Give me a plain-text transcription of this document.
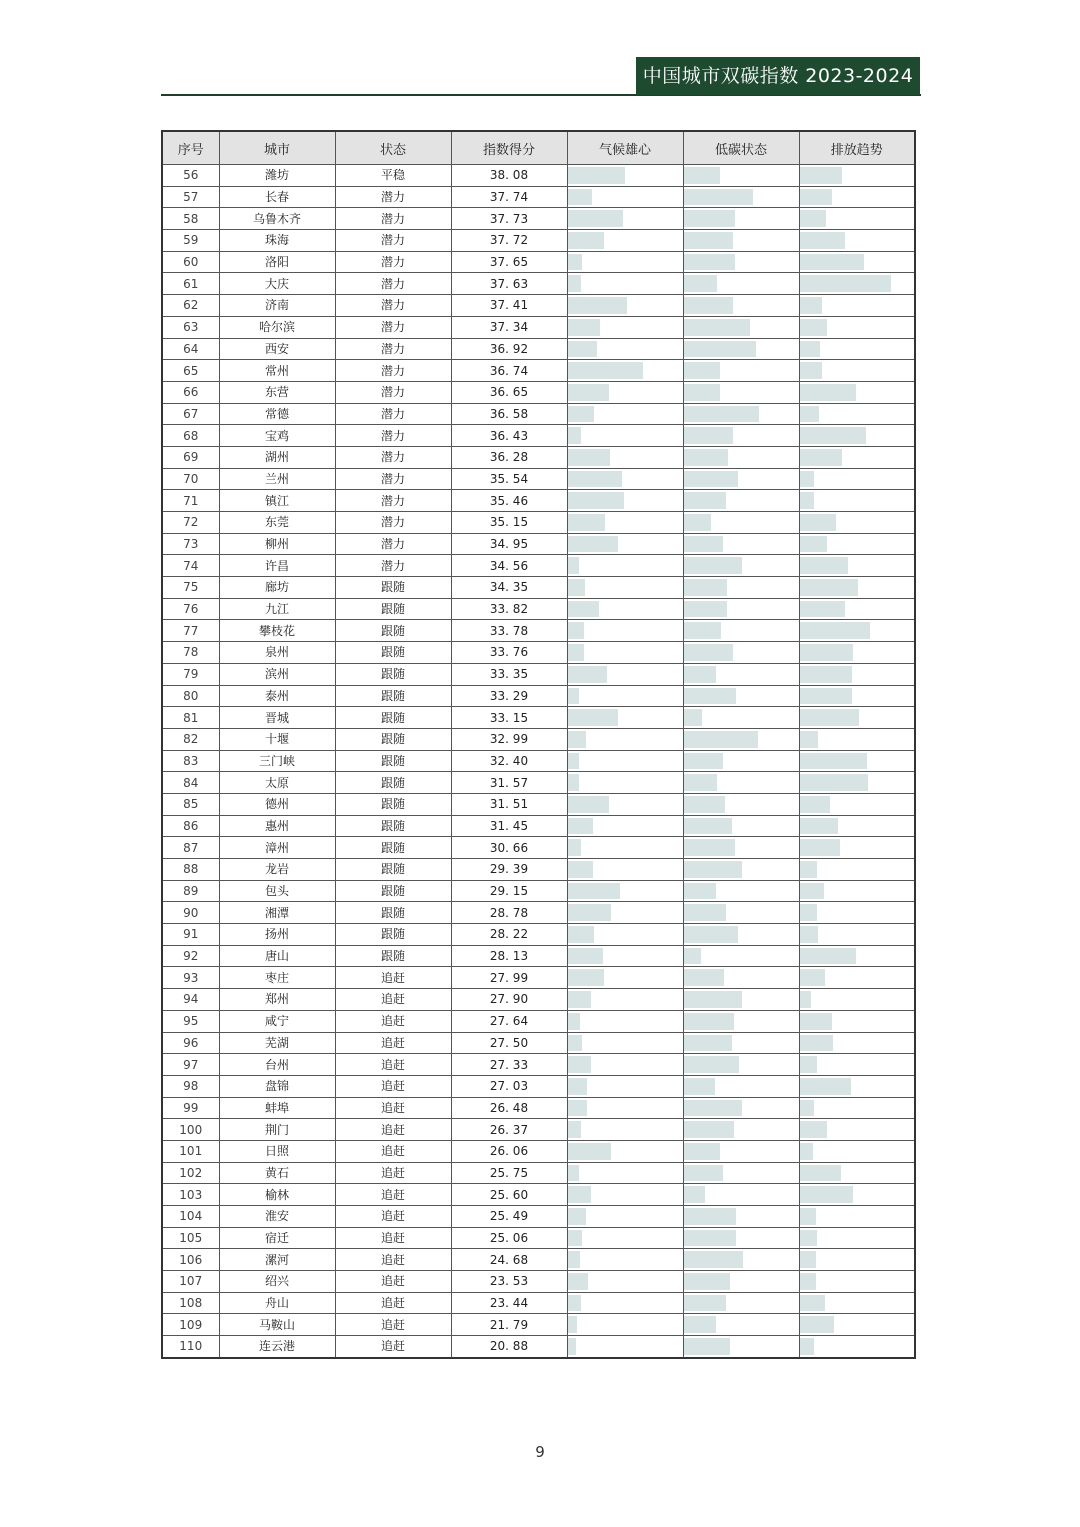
中国城市双碳指数 2023-2024
序号	城市	状态	指数得分	气候雄心	低碳状态	排放趋势
56	潍坊	平稳	38. 08	

57	长春	潜力	37. 74	

58	乌鲁木齐	潜力	37. 73	

59	珠海	潜力	37. 72	

60	洛阳	潜力	37. 65	

61	大庆	潜力	37. 63	

62	济南	潜力	37. 41	

63	哈尔滨	潜力	37. 34	

64	西安	潜力	36. 92	

65	常州	潜力	36. 74	

66	东营	潜力	36. 65	

67	常德	潜力	36. 58	

68	宝鸡	潜力	36. 43	

69	湖州	潜力	36. 28	

70	兰州	潜力	35. 54	

71	镇江	潜力	35. 46	

72	东莞	潜力	35. 15	

73	柳州	潜力	34. 95	

74	许昌	潜力	34. 56	

75	廊坊	跟随	34. 35	

76	九江	跟随	33. 82	

77	攀枝花	跟随	33. 78	

78	泉州	跟随	33. 76	

79	滨州	跟随	33. 35	

80	泰州	跟随	33. 29	

81	晋城	跟随	33. 15	

82	十堰	跟随	32. 99	

83	三门峡	跟随	32. 40	

84	太原	跟随	31. 57	

85	德州	跟随	31. 51	

86	惠州	跟随	31. 45	

87	漳州	跟随	30. 66	

88	龙岩	跟随	29. 39	

89	包头	跟随	29. 15	

90	湘潭	跟随	28. 78	

91	扬州	跟随	28. 22	

92	唐山	跟随	28. 13	

93	枣庄	追赶	27. 99	

94	郑州	追赶	27. 90	

95	咸宁	追赶	27. 64	

96	芜湖	追赶	27. 50	

97	台州	追赶	27. 33	

98	盘锦	追赶	27. 03	

99	蚌埠	追赶	26. 48	

100	荆门	追赶	26. 37	

101	日照	追赶	26. 06	

102	黄石	追赶	25. 75	

103	榆林	追赶	25. 60	

104	淮安	追赶	25. 49	

105	宿迁	追赶	25. 06	

106	漯河	追赶	24. 68	

107	绍兴	追赶	23. 53	

108	舟山	追赶	23. 44	

109	马鞍山	追赶	21. 79	

110	连云港	追赶	20. 88	

9
